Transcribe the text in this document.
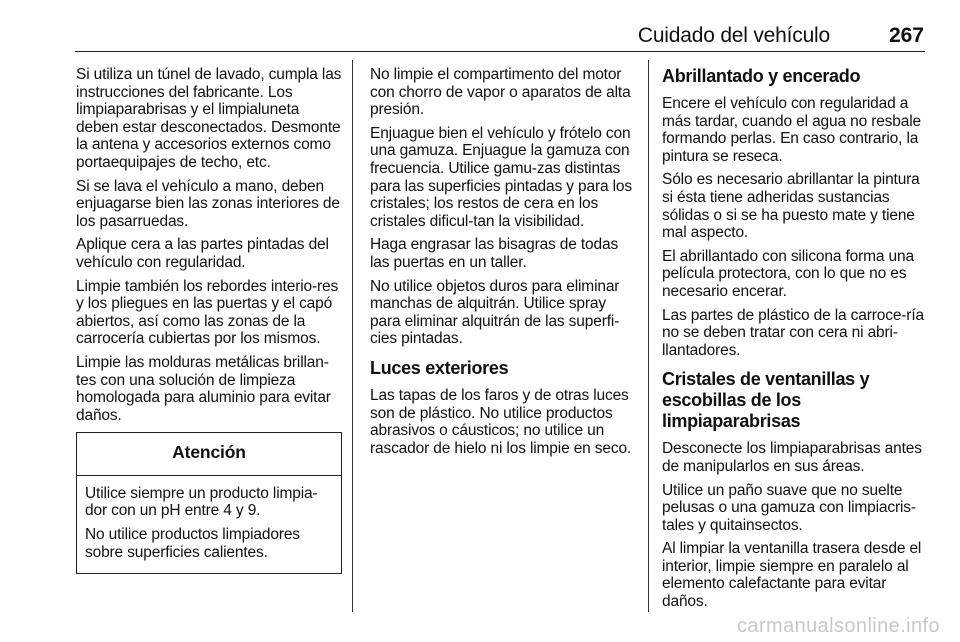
Cuidado del vehículo	267

Si utiliza un túnel de lavado, cumpla las instrucciones del fabricante. Los limpiaparabrisas y el limpialuneta deben estar desconectados. Desmonte la antena y accesorios externos como portaequipajes de techo, etc.

Si se lava el vehículo a mano, deben enjuagarse bien las zonas interiores de los pasarruedas.

Aplique cera a las partes pintadas del vehículo con regularidad.

Limpie también los rebordes interio-res y los pliegues en las puertas y el capó abiertos, así como las zonas de la carrocería cubiertas por los mismos.

Limpie las molduras metálicas brillan-tes con una solución de limpieza homologada para aluminio para evitar daños.

Atención

Utilice siempre un producto limpia-dor con un pH entre 4 y 9.

No utilice productos limpiadores sobre superficies calientes.

No limpie el compartimento del motor con chorro de vapor o aparatos de alta presión.

Enjuague bien el vehículo y frótelo con una gamuza. Enjuague la gamuza con frecuencia. Utilice gamu-zas distintas para las superficies pintadas y para los cristales; los restos de cera en los cristales dificul-tan la visibilidad.

Haga engrasar las bisagras de todas las puertas en un taller.

No utilice objetos duros para eliminar manchas de alquitrán. Utilice spray para eliminar alquitrán de las superfi-cies pintadas.

Luces exteriores

Las tapas de los faros y de otras luces son de plástico. No utilice productos abrasivos o cáusticos; no utilice un rascador de hielo ni los limpie en seco.

Abrillantado y encerado

Encere el vehículo con regularidad a más tardar, cuando el agua no resbale formando perlas. En caso contrario, la pintura se reseca.

Sólo es necesario abrillantar la pintura si ésta tiene adheridas sustancias sólidas o si se ha puesto mate y tiene mal aspecto.

El abrillantado con silicona forma una película protectora, con lo que no es necesario encerar.

Las partes de plástico de la carroce-ría no se deben tratar con cera ni abri-llantadores.

Cristales de ventanillas y escobillas de los limpiaparabrisas

Desconecte los limpiaparabrisas antes de manipularlos en sus áreas.

Utilice un paño suave que no suelte pelusas o una gamuza con limpiacris-tales y quitainsectos.

Al limpiar la ventanilla trasera desde el interior, limpie siempre en paralelo al elemento calefactante para evitar daños.

carmanualsonline.info
